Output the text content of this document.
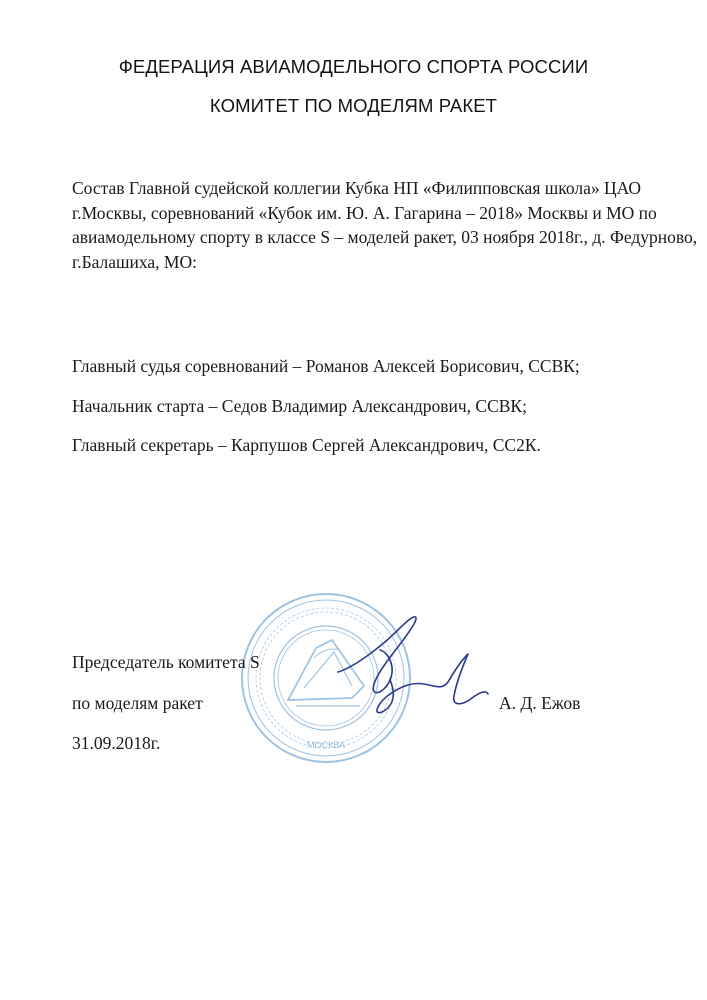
ФЕДЕРАЦИЯ АВИАМОДЕЛЬНОГО СПОРТА РОССИИ
КОМИТЕТ ПО МОДЕЛЯМ РАКЕТ
Состав Главной судейской коллегии Кубка НП «Филипповская школа» ЦАО
г.Москвы, соревнований «Кубок им. Ю. А. Гагарина – 2018» Москвы и МО по
авиамодельному спорту в классе S – моделей ракет, 03 ноября 2018г., д. Федурново,
г.Балашиха, МО:
Главный судья соревнований – Романов Алексей Борисович, ССВК;
Начальник старта – Седов Владимир Александрович, ССВК;
Главный секретарь – Карпушов Сергей Александрович, СС2К.
МОСКВА
Председатель комитета S
по моделям ракет
31.09.2018г.
А. Д. Ежов
